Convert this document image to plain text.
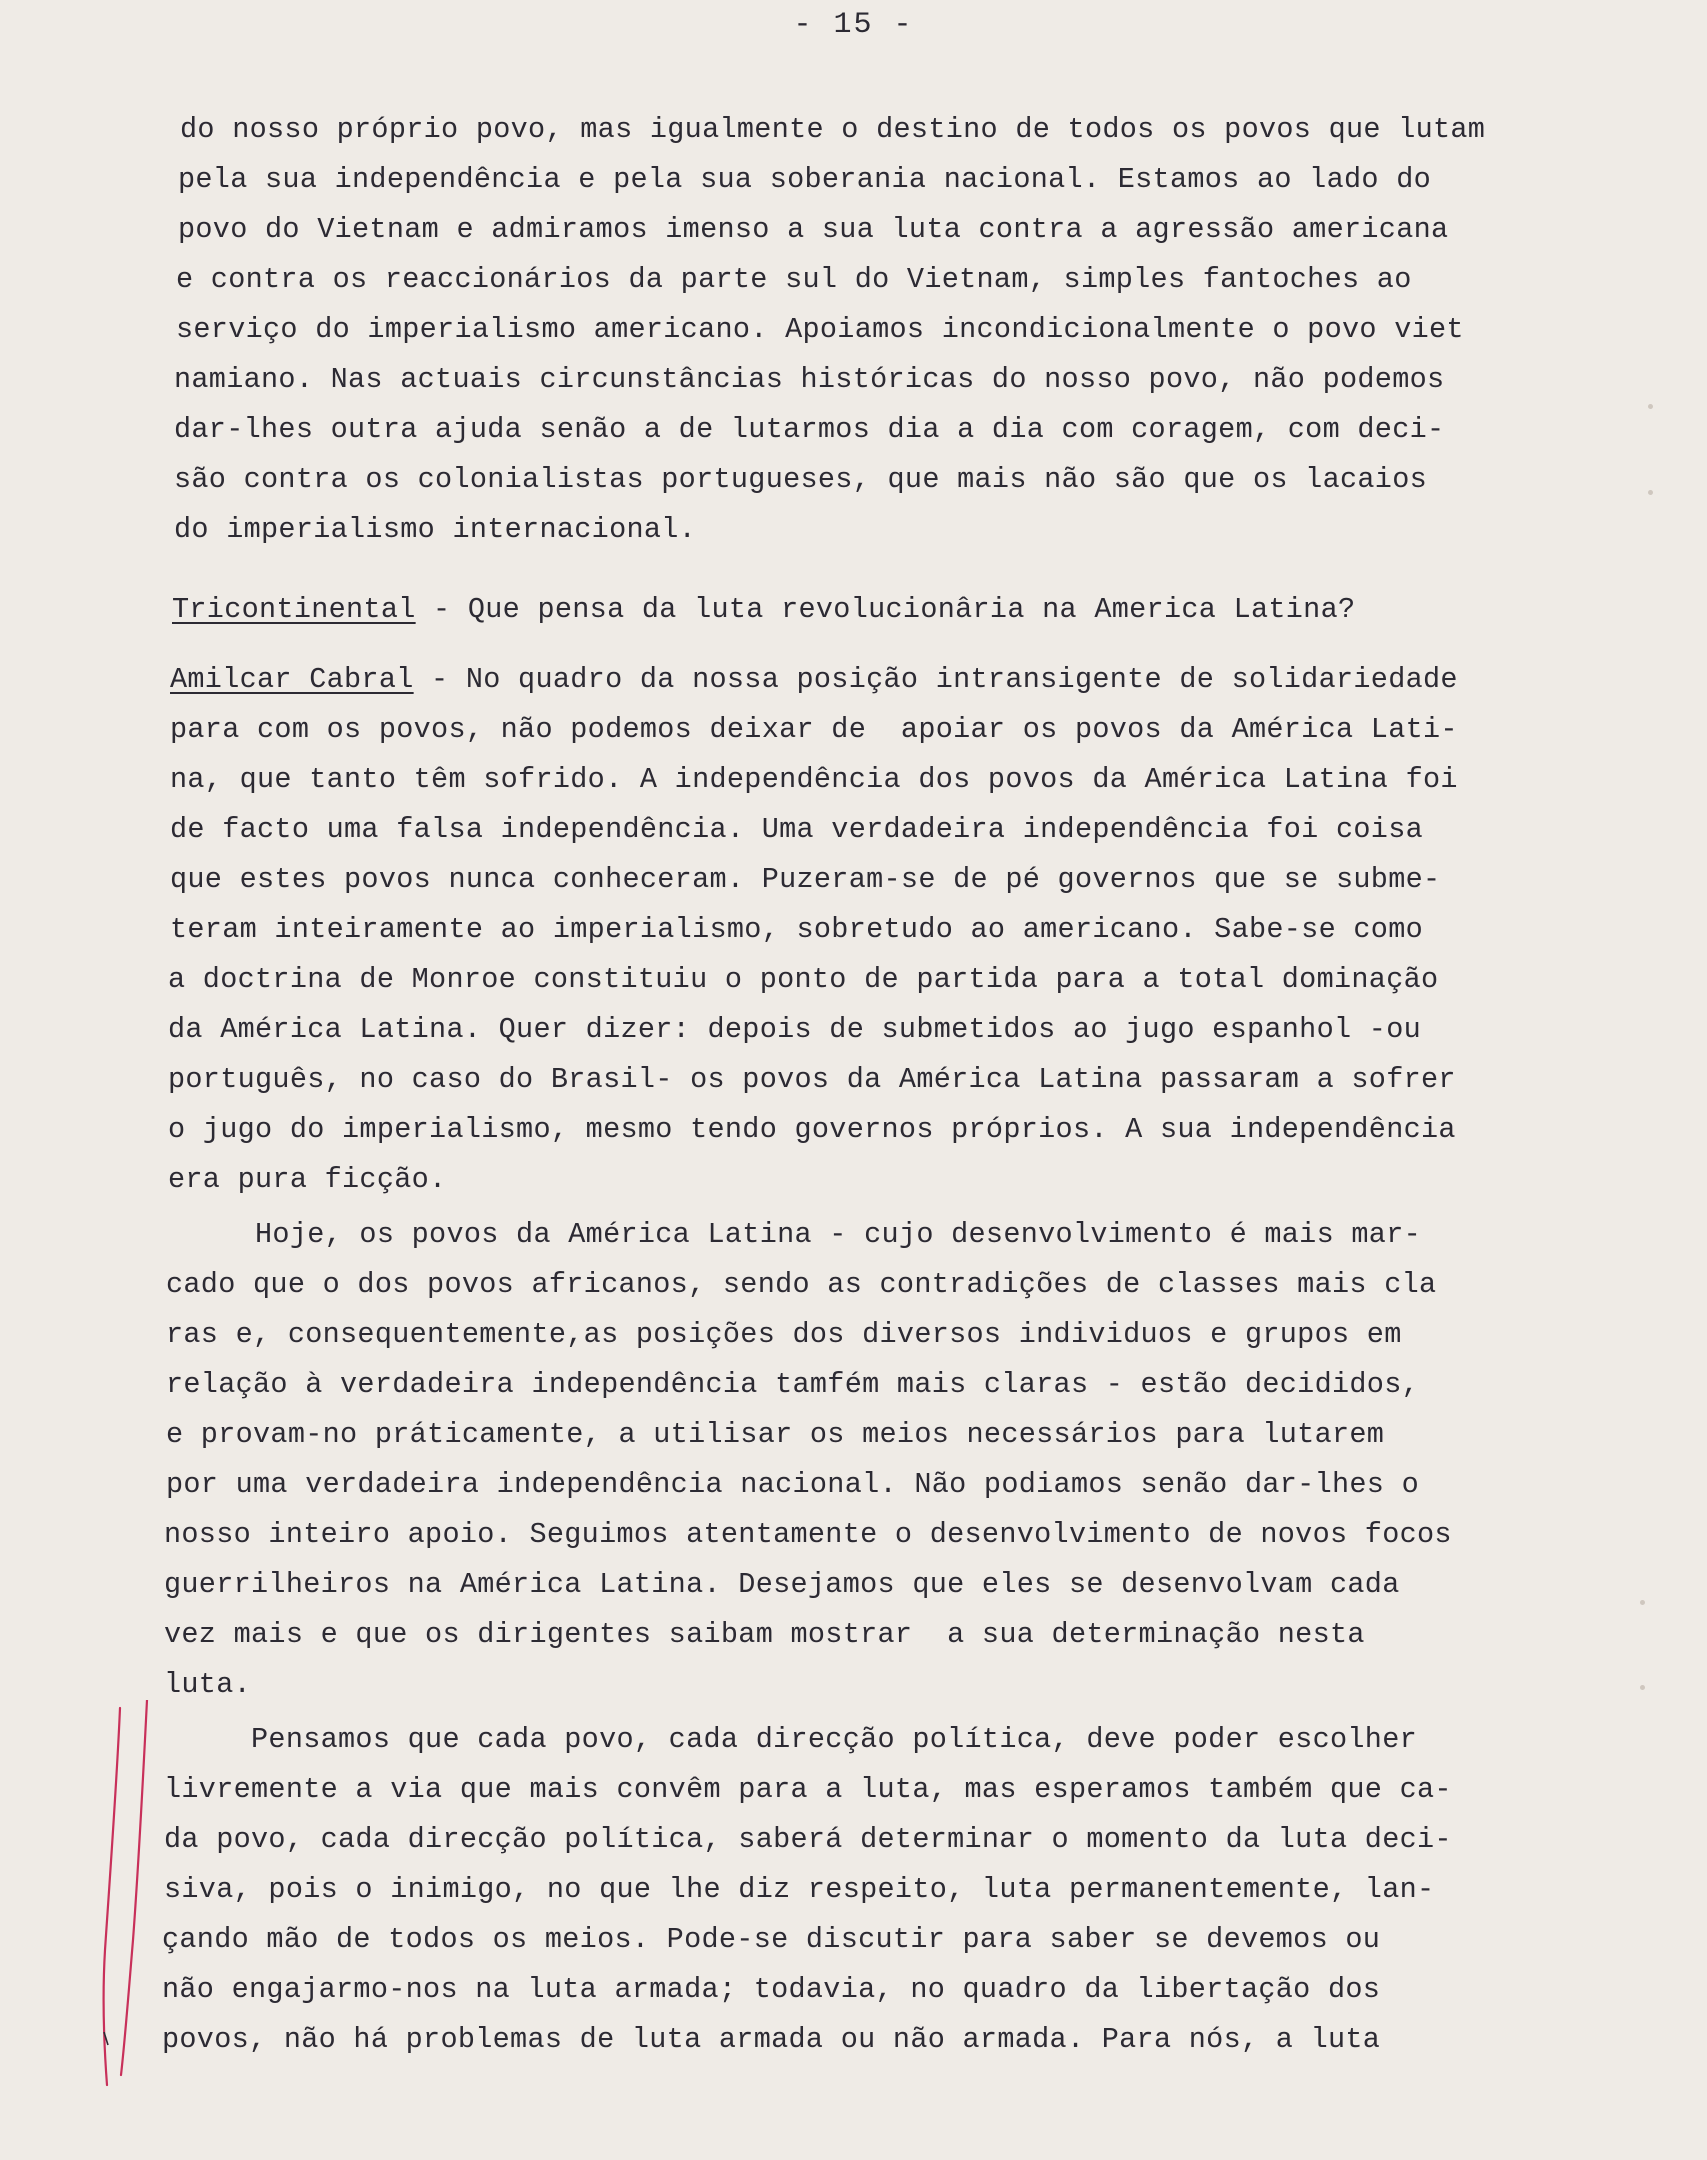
- 15 -
do nosso próprio povo, mas igualmente o destino de todos os povos que lutam
pela sua independência e pela sua soberania nacional. Estamos ao lado do
povo do Vietnam e admiramos imenso a sua luta contra a agressão americana
e contra os reaccionários da parte sul do Vietnam, simples fantoches ao
serviço do imperialismo americano. Apoiamos incondicionalmente o povo viet
namiano. Nas actuais circunstâncias históricas do nosso povo, não podemos
dar-lhes outra ajuda senão a de lutarmos dia a dia com coragem, com deci-
são contra os colonialistas portugueses, que mais não são que os lacaios
do imperialismo internacional.
Tricontinental - Que pensa da luta revolucionâria na America Latina?
Amilcar Cabral - No quadro da nossa posição intransigente de solidariedade
para com os povos, não podemos deixar de  apoiar os povos da América Lati-
na, que tanto têm sofrido. A independência dos povos da América Latina foi
de facto uma falsa independência. Uma verdadeira independência foi coisa
que estes povos nunca conheceram. Puzeram-se de pé governos que se subme-
teram inteiramente ao imperialismo, sobretudo ao americano. Sabe-se como
a doctrina de Monroe constituiu o ponto de partida para a total dominação
da América Latina. Quer dizer: depois de submetidos ao jugo espanhol -ou
português, no caso do Brasil- os povos da América Latina passaram a sofrer
o jugo do imperialismo, mesmo tendo governos próprios. A sua independência
era pura ficção.
Hoje, os povos da América Latina - cujo desenvolvimento é mais mar-
cado que o dos povos africanos, sendo as contradições de classes mais cla
ras e, consequentemente,as posições dos diversos individuos e grupos em
relação à verdadeira independência tamfém mais claras - estão decididos,
e provam-no práticamente, a utilisar os meios necessários para lutarem
por uma verdadeira independência nacional. Não podiamos senão dar-lhes o
nosso inteiro apoio. Seguimos atentamente o desenvolvimento de novos focos
guerrilheiros na América Latina. Desejamos que eles se desenvolvam cada
vez mais e que os dirigentes saibam mostrar  a sua determinação nesta
luta.
Pensamos que cada povo, cada direcção política, deve poder escolher
livremente a via que mais convêm para a luta, mas esperamos também que ca-
da povo, cada direcção política, saberá determinar o momento da luta deci-
siva, pois o inimigo, no que lhe diz respeito, luta permanentemente, lan-
çando mão de todos os meios. Pode-se discutir para saber se devemos ou
não engajarmo-nos na luta armada; todavia, no quadro da libertação dos
povos, não há problemas de luta armada ou não armada. Para nós, a luta
